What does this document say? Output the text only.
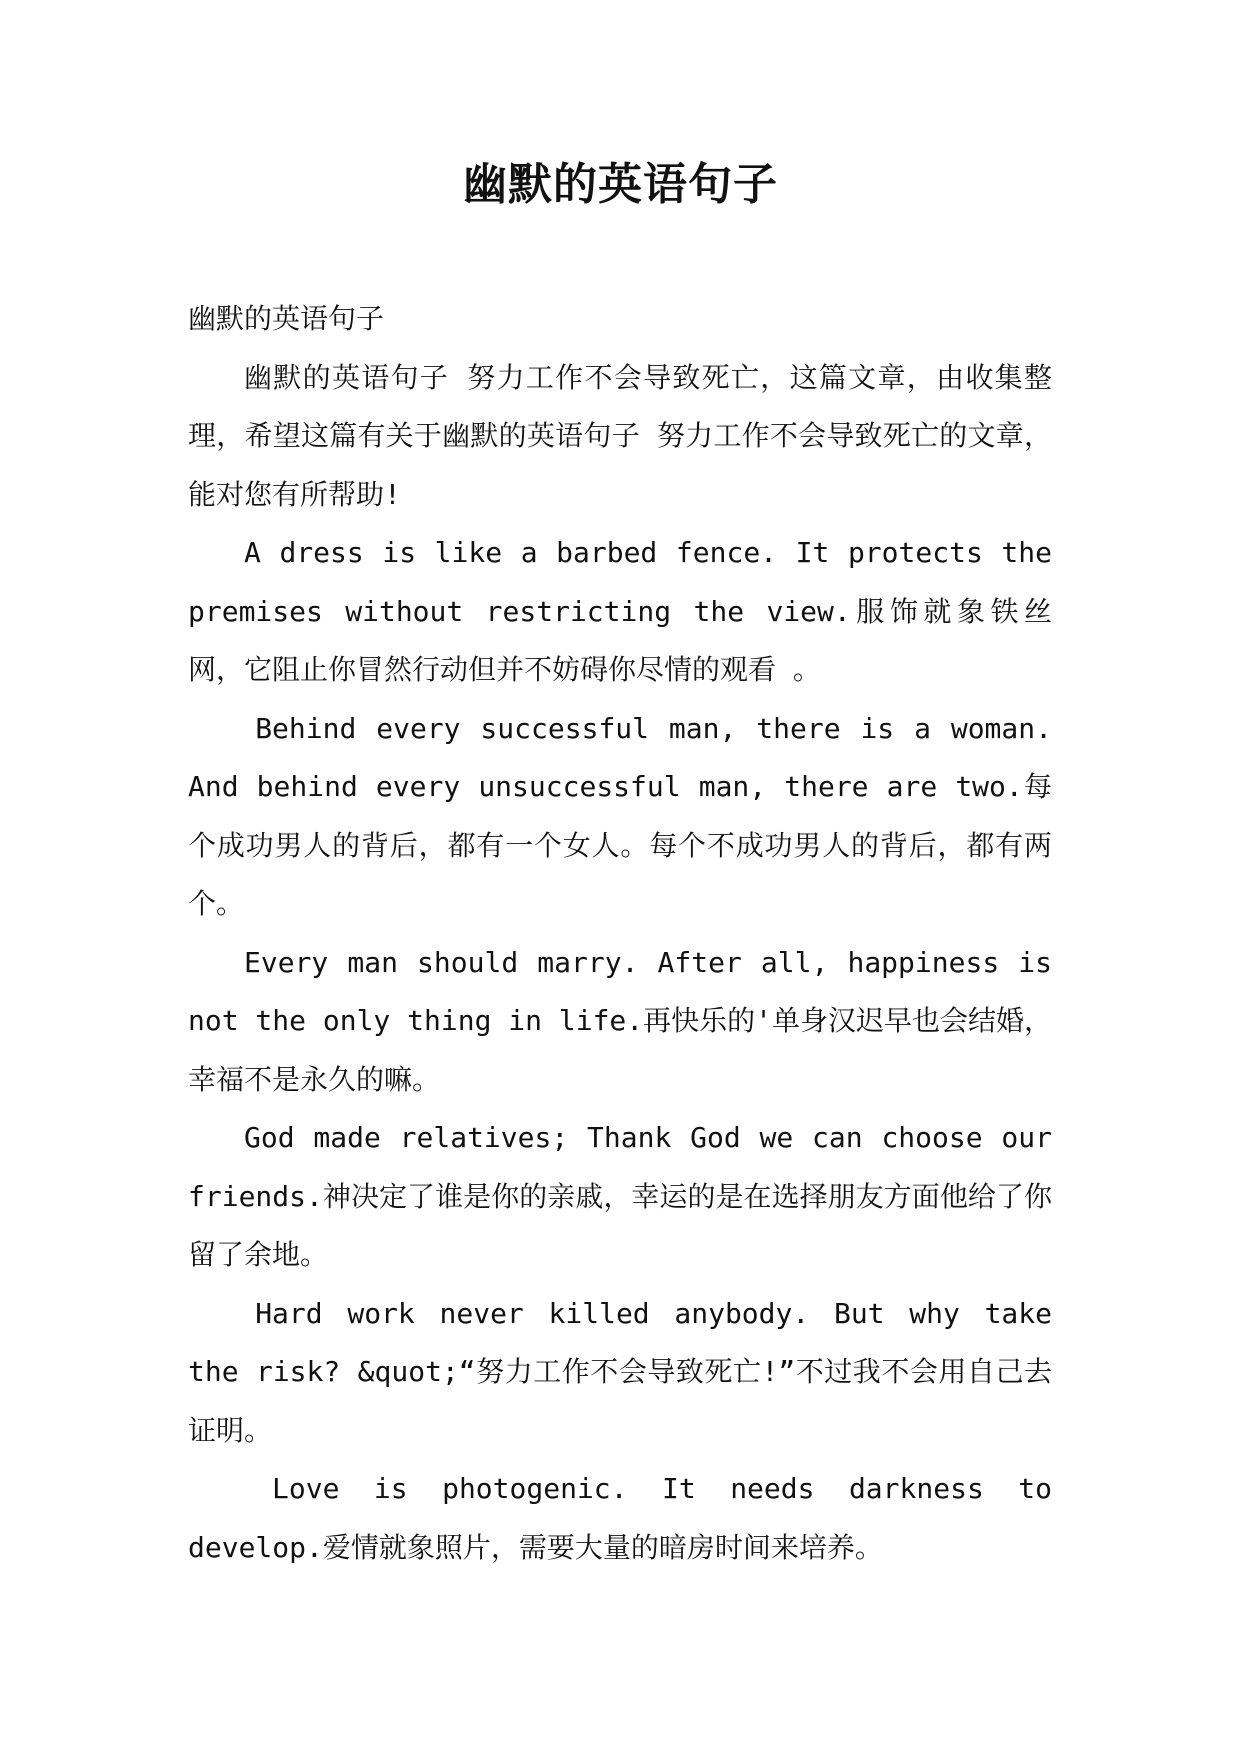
幽默的英语句子

幽默的英语句子

幽默的英语句子 努力工作不会导致死亡，这篇文章，由收集整理，希望这篇有关于幽默的英语句子 努力工作不会导致死亡的文章，能对您有所帮助!

A dress is like a barbed fence. It protects the premises without restricting the view.服饰就象铁丝网，它阻止你冒然行动但并不妨碍你尽情的观看 。

Behind every successful man, there is a woman. And behind every unsuccessful man, there are two.每个成功男人的背后，都有一个女人。每个不成功男人的背后，都有两个。

Every man should marry. After all, happiness is not the only thing in life.再快乐的'单身汉迟早也会结婚，幸福不是永久的嘛。

God made relatives; Thank God we can choose our friends.神决定了谁是你的亲戚，幸运的是在选择朋友方面他给了你留了余地。

Hard work never killed anybody. But why take the risk? &quot;“努力工作不会导致死亡!”不过我不会用自己去证明。

Love is photogenic. It needs darkness to develop.爱情就象照片，需要大量的暗房时间来培养。
